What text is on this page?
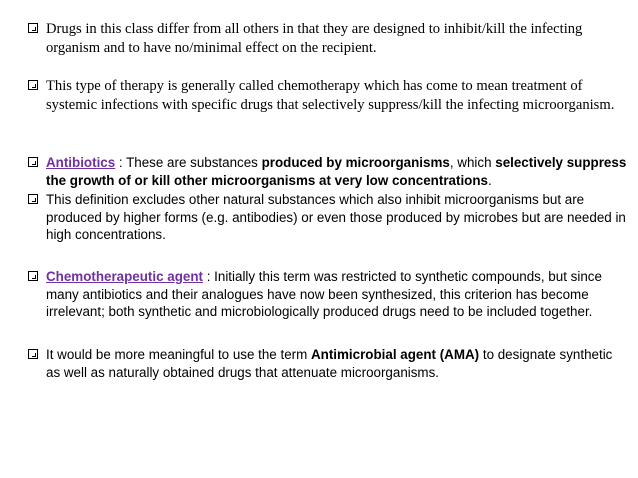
Drugs in this class differ from all others in that they are designed to inhibit/kill the infecting organism and to have no/minimal effect on the recipient.
This type of therapy is generally called chemotherapy which has come to mean treatment of systemic infections with specific drugs that selectively suppress/kill the infecting microorganism.
Antibiotics : These are substances produced by microorganisms, which selectively suppress the growth of or kill other microorganisms at very low concentrations.
This definition excludes other natural substances which also inhibit microorganisms but are produced by higher forms (e.g. antibodies) or even those produced by microbes but are needed in high concentrations.
Chemotherapeutic agent : Initially this term was restricted to synthetic compounds, but since many antibiotics and their analogues have now been synthesized, this criterion has become irrelevant; both synthetic and microbiologically produced drugs need to be included together.
It would be more meaningful to use the term Antimicrobial agent (AMA) to designate synthetic as well as naturally obtained drugs that attenuate microorganisms.
